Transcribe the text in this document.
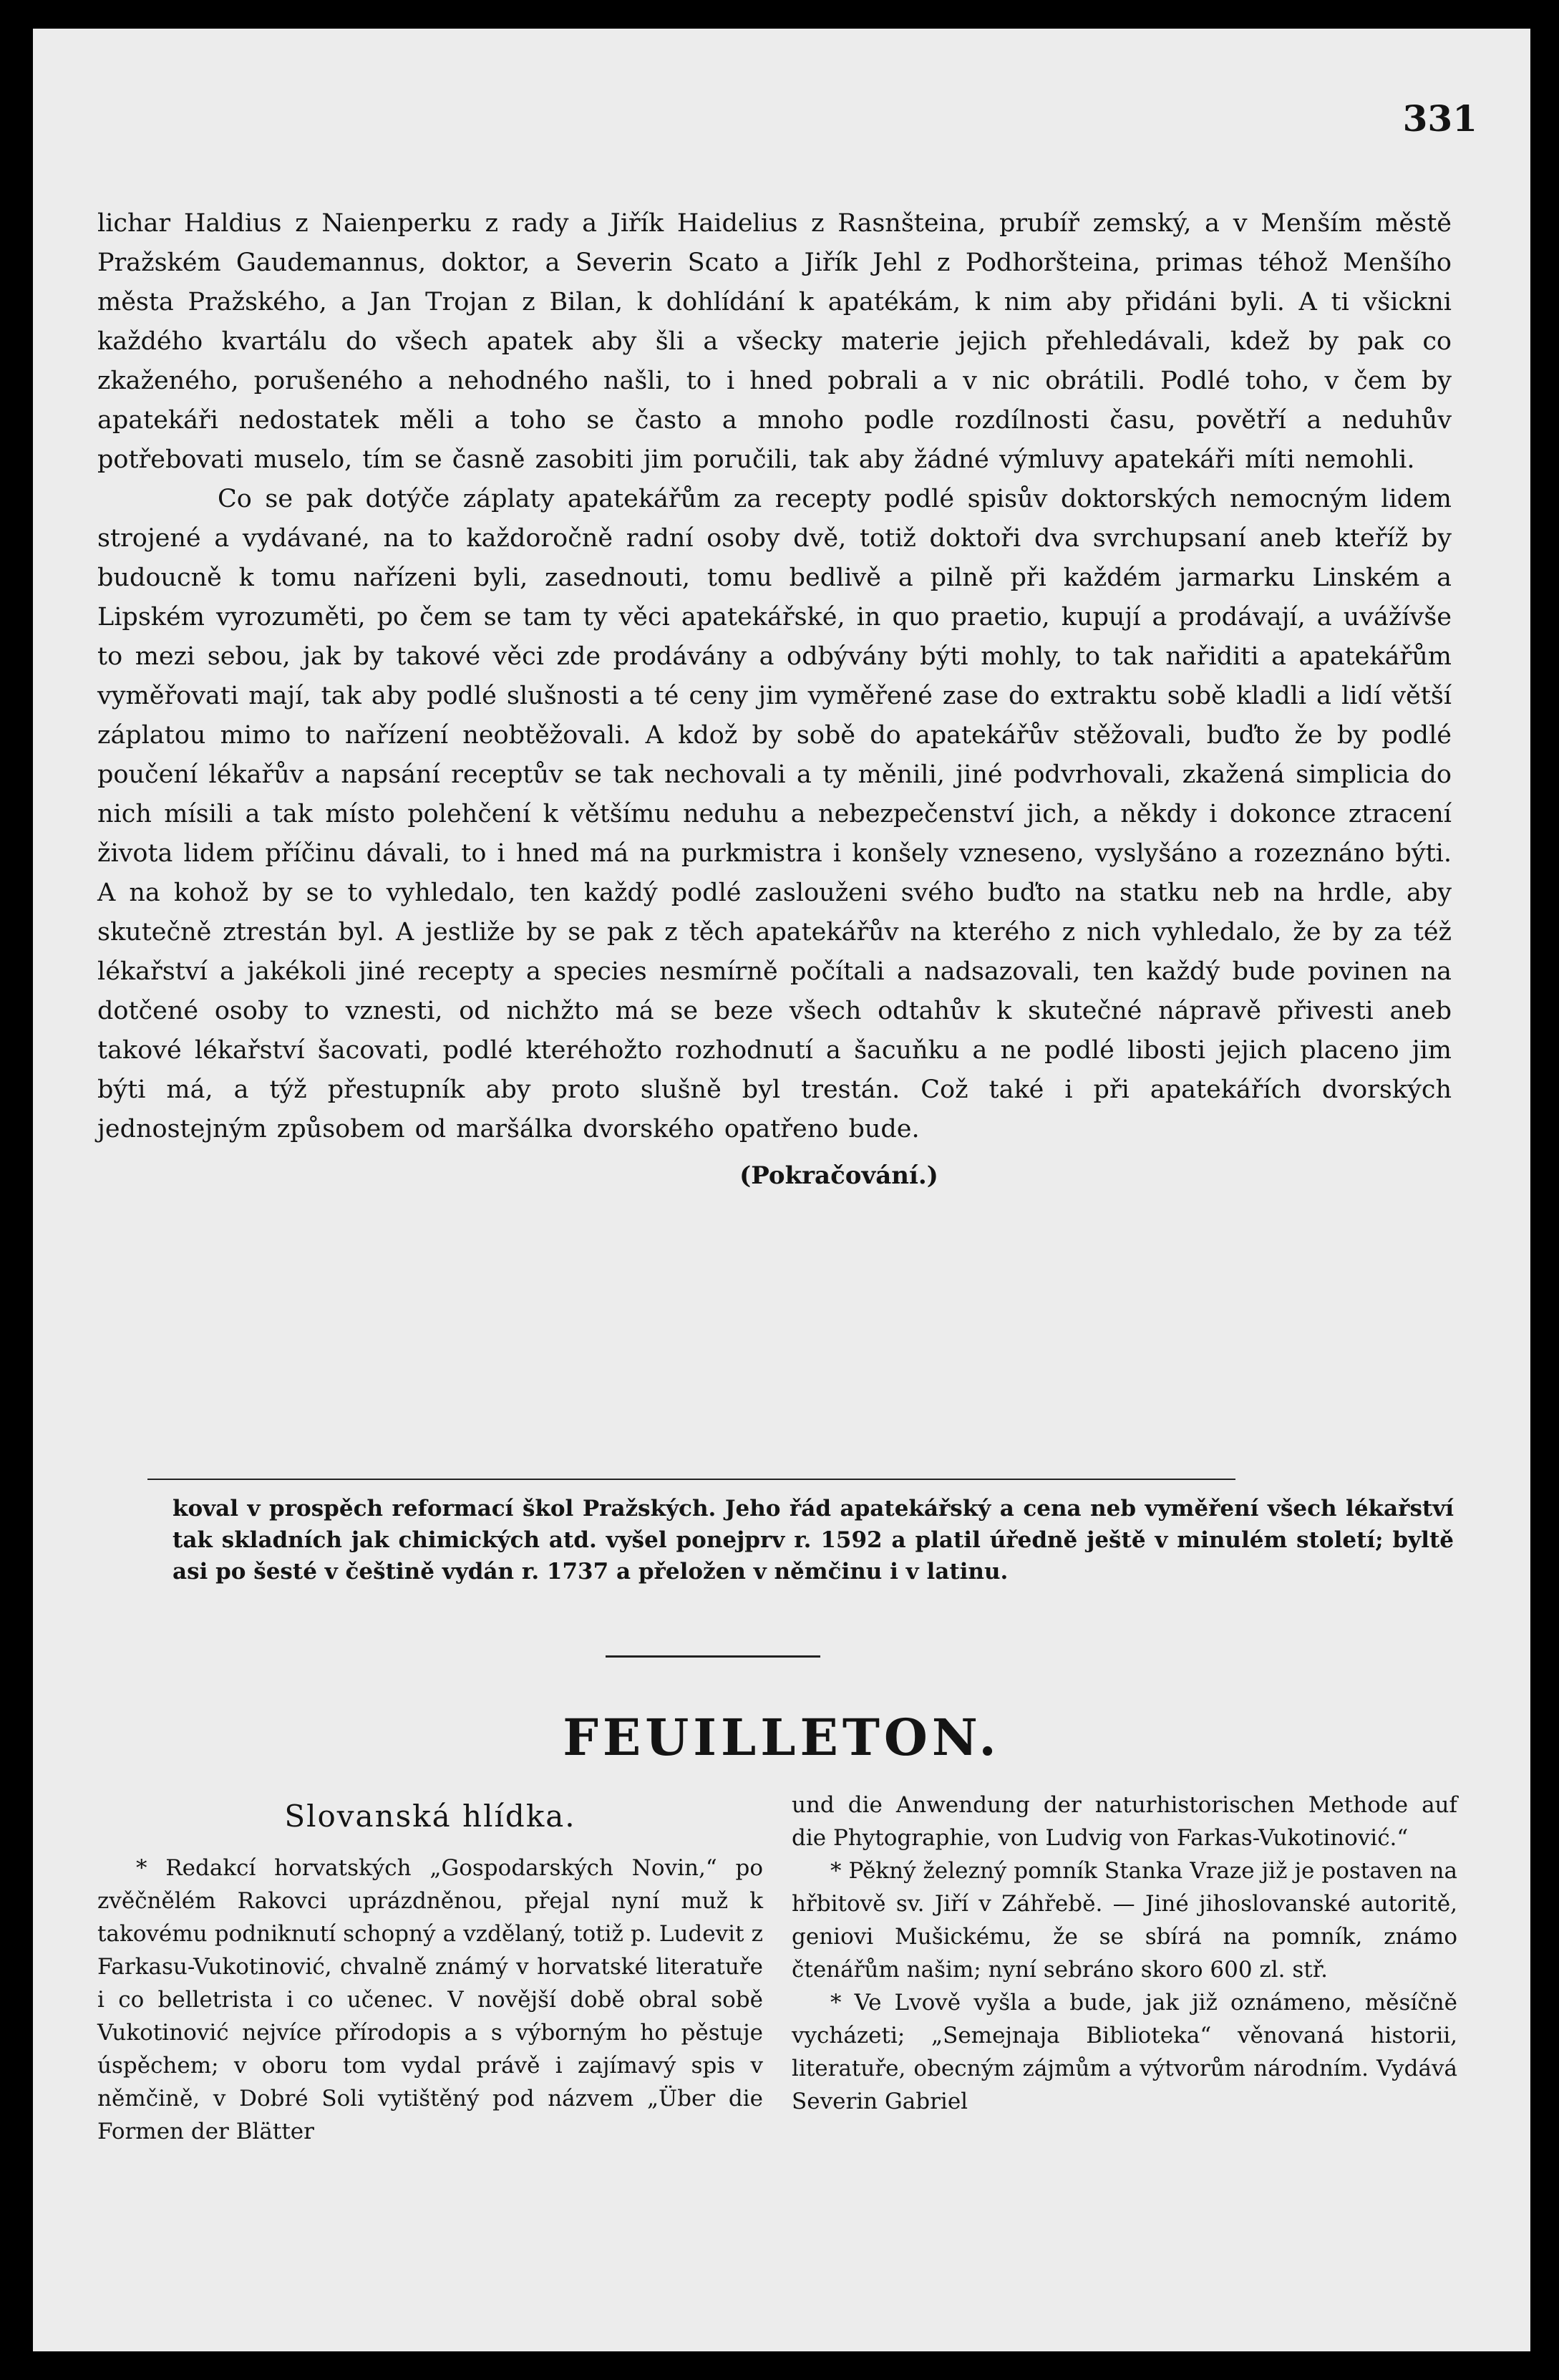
331

lichar Haldius z Naienperku z rady a Jiřík Haidelius z Rasnšteina, prubíř zemský, a v Menším městě Pražském Gaudemannus, doktor, a Severin Scato a Jiřík Jehl z Podhoršteina, primas téhož Menšího města Pražského, a Jan Trojan z Bilan, k dohlídání k apatékám, k nim aby přidáni byli. A ti všickni každého kvartálu do všech apatek aby šli a všecky materie jejich přehledávali, kdež by pak co zkaženého, porušeného a nehodného našli, to i hned pobrali a v nic obrátili. Podlé toho, v čem by apatekáři nedostatek měli a toho se často a mnoho podle rozdílnosti času, povětří a neduhův potřebovati muselo, tím se časně zasobiti jim poručili, tak aby žádné výmluvy apatekáři míti nemohli.

Co se pak dotýče záplaty apatekářům za recepty podlé spisův doktorských nemocným lidem strojené a vydávané, na to každoročně radní osoby dvě, totiž doktoři dva svrchupsaní aneb kteříž by budoucně k tomu nařízeni byli, zasednouti, tomu bedlivě a pilně při každém jarmarku Linském a Lipském vyrozuměti, po čem se tam ty věci apatekářské, in quo praetio, kupují a prodávají, a uvážívše to mezi sebou, jak by takové věci zde prodávány a odbývány býti mohly, to tak nařiditi a apatekářům vyměřovati mají, tak aby podlé slušnosti a té ceny jim vyměřené zase do extraktu sobě kladli a lidí větší záplatou mimo to nařízení neobtěžovali. A kdož by sobě do apatekářův stěžovali, buďto že by podlé poučení lékařův a napsání receptův se tak nechovali a ty měnili, jiné podvrhovali, zkažená simplicia do nich mísili a tak místo polehčení k většímu neduhu a nebezpečenství jich, a někdy i dokonce ztracení života lidem příčinu dávali, to i hned má na purkmistra i konšely vzneseno, vyslyšáno a rozeznáno býti. A na kohož by se to vyhledalo, ten každý podlé zaslouženi svého buďto na statku neb na hrdle, aby skutečně ztrestán byl. A jestliže by se pak z těch apatekářův na kterého z nich vyhledalo, že by za též lékařství a jakékoli jiné recepty a species nesmírně počítali a nadsazovali, ten každý bude povinen na dotčené osoby to vznesti, od nichžto má se beze všech odtahův k skutečné nápravě přivesti aneb takové lékařství šacovati, podlé kteréhožto rozhodnutí a šacuňku a ne podlé libosti jejich placeno jim býti má, a týž přestupník aby proto slušně byl trestán. Což také i při apatekářích dvorských jednostejným způsobem od maršálka dvorského opatřeno bude.

(Pokračování.)
koval v prospěch reformací škol Pražských. Jeho řád apatekářský a cena neb vyměření všech lékařství tak skladních jak chimických atd. vyšel ponejprv r. 1592 a platil úředně ještě v minulém století; byltě asi po šesté v češtině vydán r. 1737 a přeložen v němčinu i v latinu.
FEUILLETON.
Slovanská hlídka.

* Redakcí horvatských „Gospodarských Novin,“ po zvěčnělém Rakovci uprázdněnou, přejal nyní muž k takovému podniknutí schopný a vzdělaný, totiž p. Ludevit z Farkasu-Vukotinović, chvalně známý v horvatské literatuře i co belletrista i co učenec. V novější době obral sobě Vukotinović nejvíce přírodopis a s výborným ho pěstuje úspěchem; v oboru tom vydal právě i zajímavý spis v němčině, v Dobré Soli vytištěný pod názvem „Über die Formen der Blätter

und die Anwendung der naturhistorischen Methode auf die Phytographie, von Ludvig von Farkas-Vukotinović.“

* Pěkný železný pomník Stanka Vraze již je postaven na hřbitově sv. Jiří v Záhřebě. — Jiné jihoslovanské autoritě, geniovi Mušickému, že se sbírá na pomník, známo čtenářům našim; nyní sebráno skoro 600 zl. stř.

* Ve Lvově vyšla a bude, jak již oznámeno, měsíčně vycházeti; „Semejnaja Biblioteka“ věnovaná historii, literatuře, obecným zájmům a výtvorům národním. Vydává Severin Gabriel
